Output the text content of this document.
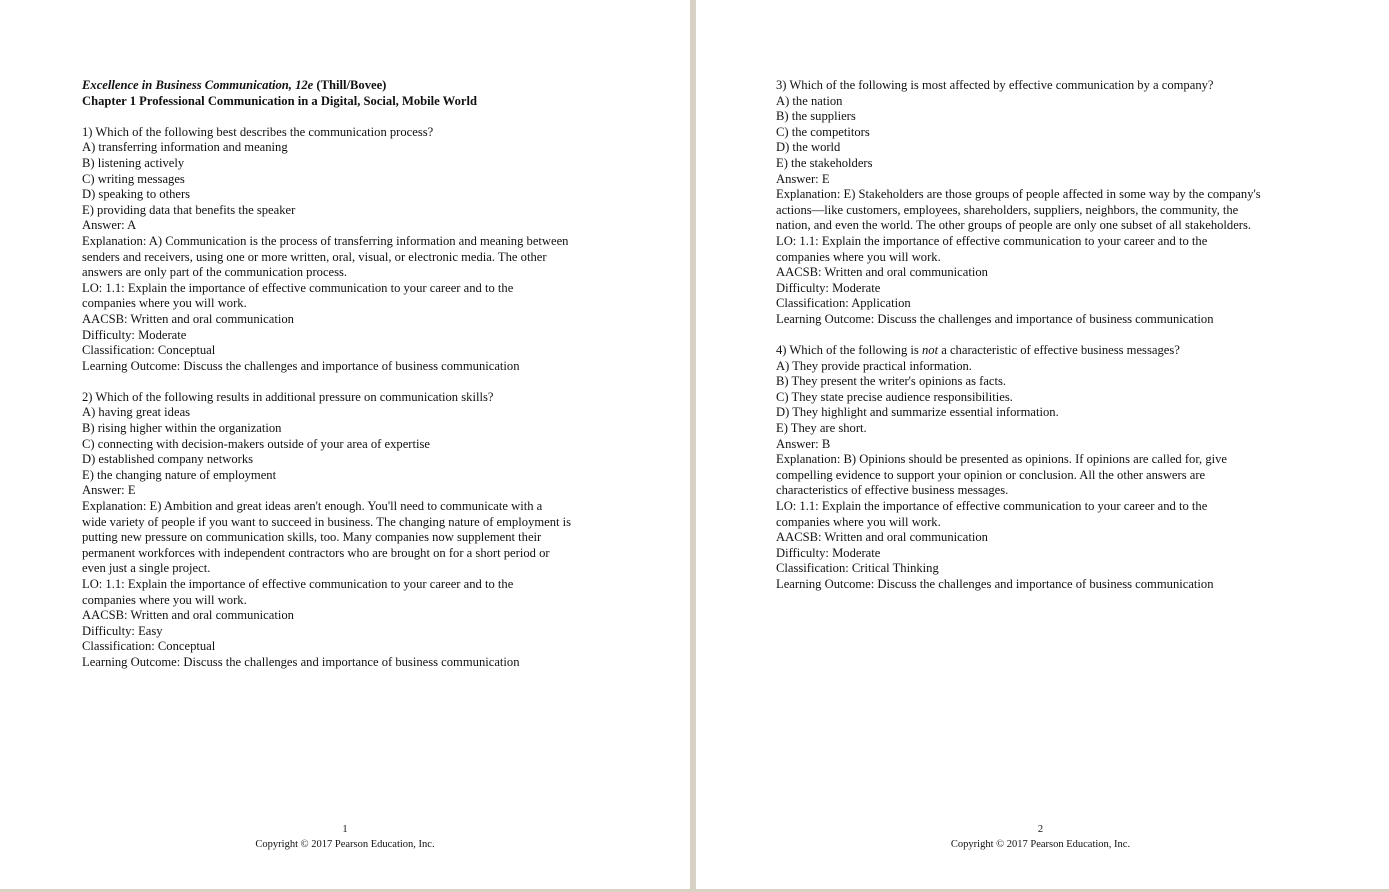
Excellence in Business Communication, 12e (Thill/Bovee)
Chapter 1 Professional Communication in a Digital, Social, Mobile World
1) Which of the following best describes the communication process?
A) transferring information and meaning
B) listening actively
C) writing messages
D) speaking to others
E) providing data that benefits the speaker
Answer: A
Explanation: A) Communication is the process of transferring information and meaning between
senders and receivers, using one or more written, oral, visual, or electronic media. The other
answers are only part of the communication process.
LO: 1.1: Explain the importance of effective communication to your career and to the
companies where you will work.
AACSB: Written and oral communication
Difficulty: Moderate
Classification: Conceptual
Learning Outcome: Discuss the challenges and importance of business communication
2) Which of the following results in additional pressure on communication skills?
A) having great ideas
B) rising higher within the organization
C) connecting with decision-makers outside of your area of expertise
D) established company networks
E) the changing nature of employment
Answer: E
Explanation: E) Ambition and great ideas aren't enough. You'll need to communicate with a
wide variety of people if you want to succeed in business. The changing nature of employment is
putting new pressure on communication skills, too. Many companies now supplement their
permanent workforces with independent contractors who are brought on for a short period or
even just a single project.
LO: 1.1: Explain the importance of effective communication to your career and to the
companies where you will work.
AACSB: Written and oral communication
Difficulty: Easy
Classification: Conceptual
Learning Outcome: Discuss the challenges and importance of business communication
1
Copyright © 2017 Pearson Education, Inc.
3) Which of the following is most affected by effective communication by a company?
A) the nation
B) the suppliers
C) the competitors
D) the world
E) the stakeholders
Answer: E
Explanation: E) Stakeholders are those groups of people affected in some way by the company's
actions—like customers, employees, shareholders, suppliers, neighbors, the community, the
nation, and even the world. The other groups of people are only one subset of all stakeholders.
LO: 1.1: Explain the importance of effective communication to your career and to the
companies where you will work.
AACSB: Written and oral communication
Difficulty: Moderate
Classification: Application
Learning Outcome: Discuss the challenges and importance of business communication
4) Which of the following is not a characteristic of effective business messages?
A) They provide practical information.
B) They present the writer's opinions as facts.
C) They state precise audience responsibilities.
D) They highlight and summarize essential information.
E) They are short.
Answer: B
Explanation: B) Opinions should be presented as opinions. If opinions are called for, give
compelling evidence to support your opinion or conclusion. All the other answers are
characteristics of effective business messages.
LO: 1.1: Explain the importance of effective communication to your career and to the
companies where you will work.
AACSB: Written and oral communication
Difficulty: Moderate
Classification: Critical Thinking
Learning Outcome: Discuss the challenges and importance of business communication
2
Copyright © 2017 Pearson Education, Inc.
